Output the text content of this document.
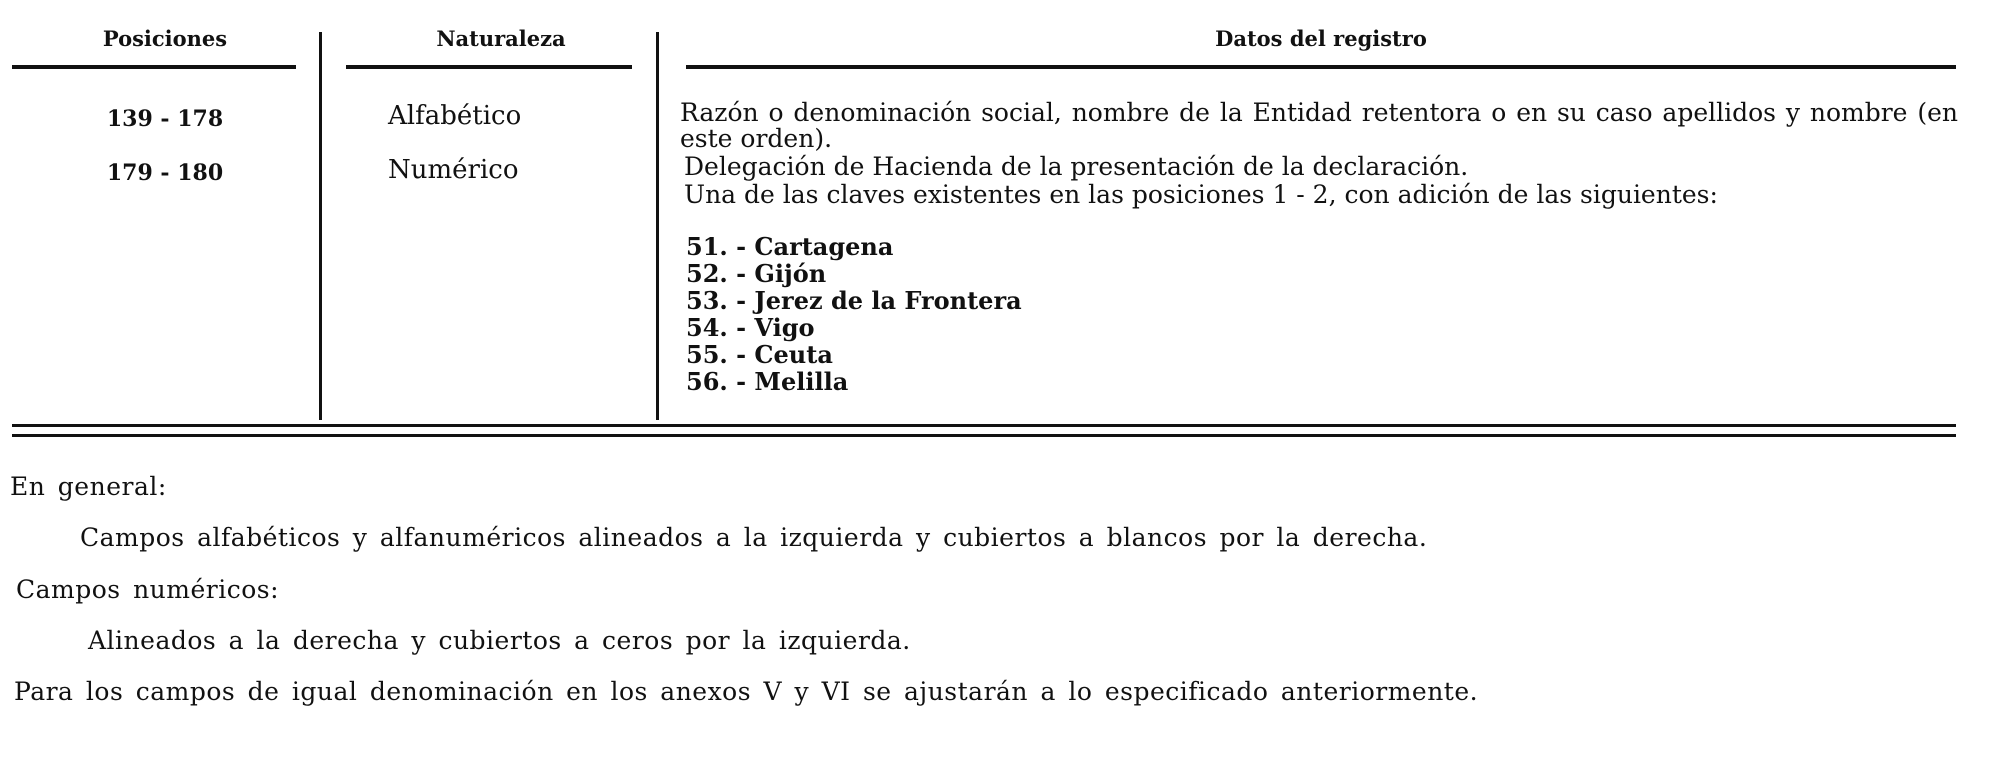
Posiciones	Naturaleza	Datos del registro
139 - 178	Alfabético	Razón o denominación social, nombre de la Entidad retentora o en su caso apellidos y nombre (en este orden).
179 - 180	Numérico	Delegación de Hacienda de la presentación de la declaración.
Una de las claves existentes en las posiciones 1 - 2, con adición de las siguientes:
51. - Cartagena
52. - Gijón
53. - Jerez de la Frontera
54. - Vigo
55. - Ceuta
56. - Melilla
En general:
Campos alfabéticos y alfanuméricos alineados a la izquierda y cubiertos a blancos por la derecha.
Campos numéricos:
Alineados a la derecha y cubiertos a ceros por la izquierda.
Para los campos de igual denominación en los anexos V y VI se ajustarán a lo especificado anteriormente.
